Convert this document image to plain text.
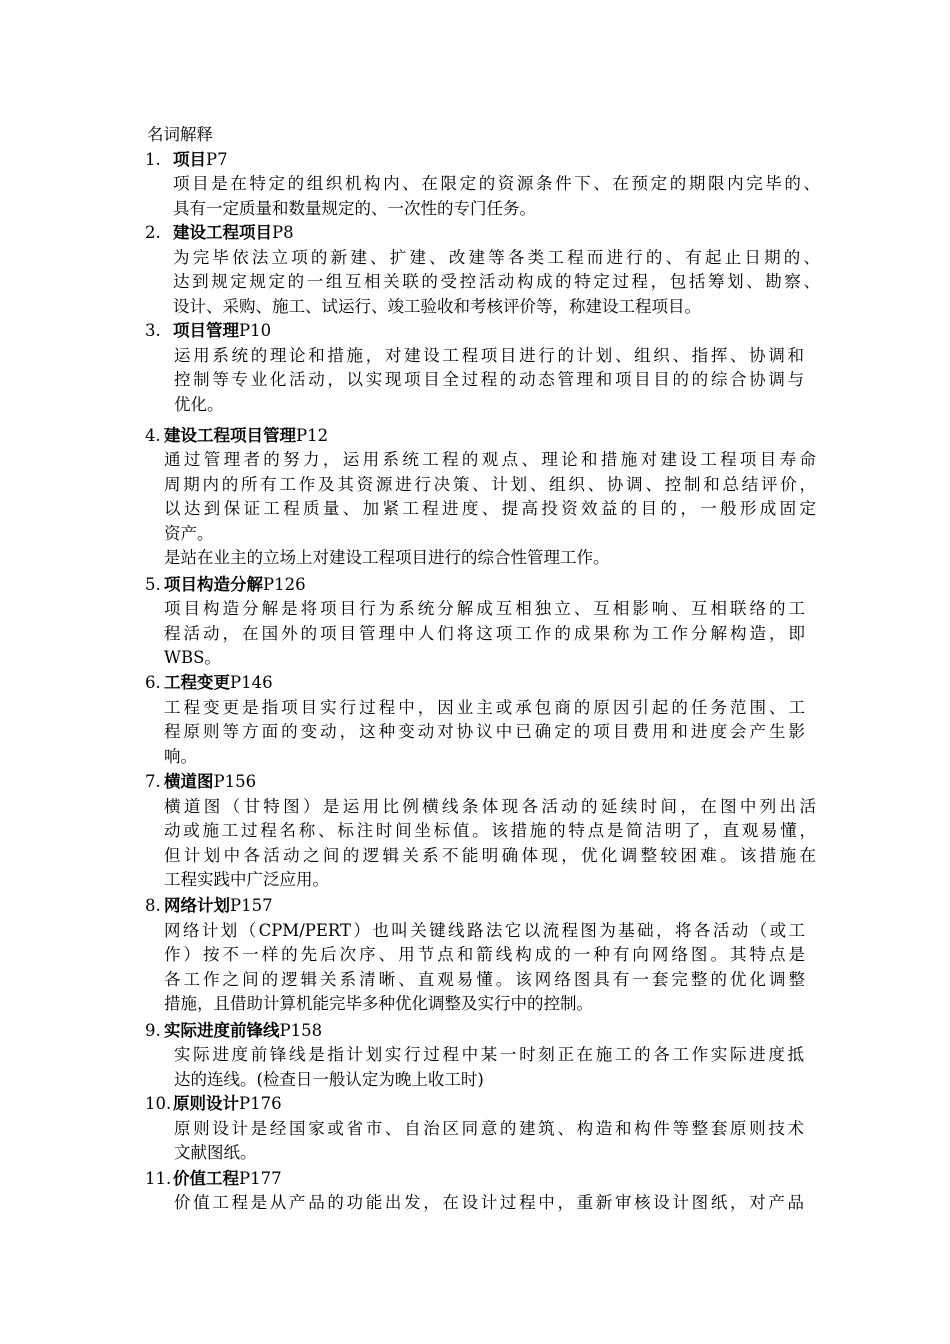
名词解释
1. 项目P7
项目是在特定的组织机构内、在限定的资源条件下、在预定的期限内完毕的、
具有一定质量和数量规定的、一次性的专门任务。
2. 建设工程项目P8
为完毕依法立项的新建、扩建、改建等各类工程而进行的、有起止日期的、
达到规定规定的一组互相关联的受控活动构成的特定过程，包括筹划、勘察、
设计、采购、施工、试运行、竣工验收和考核评价等，称建设工程项目。
3. 项目管理P10
运用系统的理论和措施，对建设工程项目进行的计划、组织、指挥、协调和
控制等专业化活动，以实现项目全过程的动态管理和项目目的的综合协调与
优化。
4. 建设工程项目管理P12
通过管理者的努力，运用系统工程的观点、理论和措施对建设工程项目寿命
周期内的所有工作及其资源进行决策、计划、组织、协调、控制和总结评价，
以达到保证工程质量、加紧工程进度、提高投资效益的目的，一般形成固定
资产。
是站在业主的立场上对建设工程项目进行的综合性管理工作。
5. 项目构造分解P126
项目构造分解是将项目行为系统分解成互相独立、互相影响、互相联络的工
程活动，在国外的项目管理中人们将这项工作的成果称为工作分解构造，即
WBS。
6. 工程变更P146
工程变更是指项目实行过程中，因业主或承包商的原因引起的任务范围、工
程原则等方面的变动，这种变动对协议中已确定的项目费用和进度会产生影
响。
7. 横道图P156
横道图（甘特图）是运用比例横线条体现各活动的延续时间，在图中列出活
动或施工过程名称、标注时间坐标值。该措施的特点是简洁明了，直观易懂，
但计划中各活动之间的逻辑关系不能明确体现，优化调整较困难。该措施在
工程实践中广泛应用。
8. 网络计划P157
网络计划（CPM/PERT）也叫关键线路法它以流程图为基础，将各活动（或工
作）按不一样的先后次序、用节点和箭线构成的一种有向网络图。其特点是
各工作之间的逻辑关系清晰、直观易懂。该网络图具有一套完整的优化调整
措施，且借助计算机能完毕多种优化调整及实行中的控制。
9. 实际进度前锋线P158
实际进度前锋线是指计划实行过程中某一时刻正在施工的各工作实际进度抵
达的连线。(检查日一般认定为晚上收工时)
10. 原则设计P176
原则设计是经国家或省市、自治区同意的建筑、构造和构件等整套原则技术
文献图纸。
11. 价值工程P177
价值工程是从产品的功能出发，在设计过程中，重新审核设计图纸，对产品
